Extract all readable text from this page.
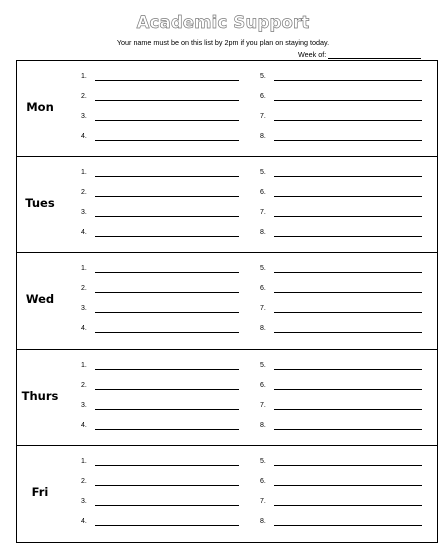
Academic Support
Your name must be on this list by 2pm if you plan on staying today.
Week of:
Mon
1.	5.
2.	6.
3.	7.
4.	8.
Tues
1.	5.
2.	6.
3.	7.
4.	8.
Wed
1.	5.
2.	6.
3.	7.
4.	8.
Thurs
1.	5.
2.	6.
3.	7.
4.	8.
Fri
1.	5.
2.	6.
3.	7.
4.	8.
